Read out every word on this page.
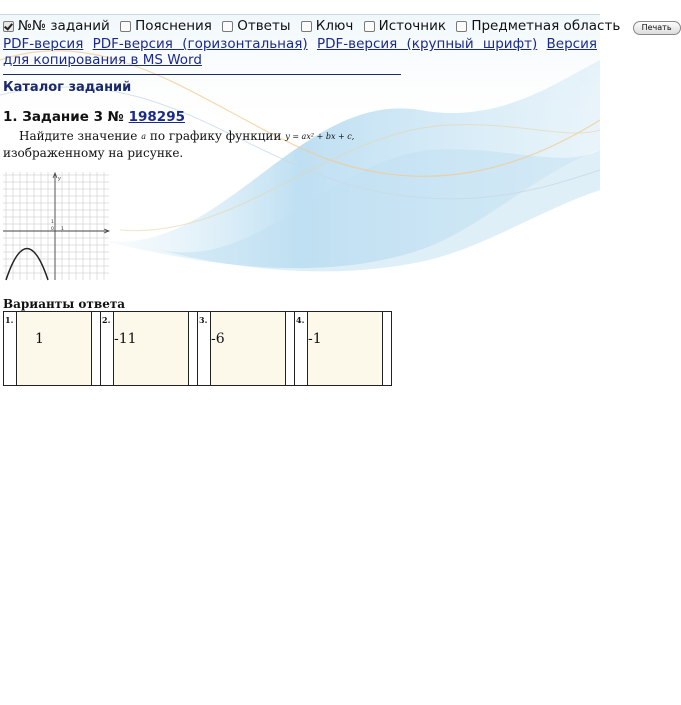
№№ заданий
Пояснения
Ответы
Ключ
Источник
Предметная область	Печать
PDF-версия PDF-версия (горизонтальная) PDF-версия (крупный шрифт) Версия для копирования в MS Word
Каталог заданий
1. Задание 3 № 198295
Найдите значение a по графику функции y = ax² + bx + c, изображенному на рисунке.
y
1
0 1
Варианты ответа
1.	1		2.	-11		3.	-6		4.	-1	
